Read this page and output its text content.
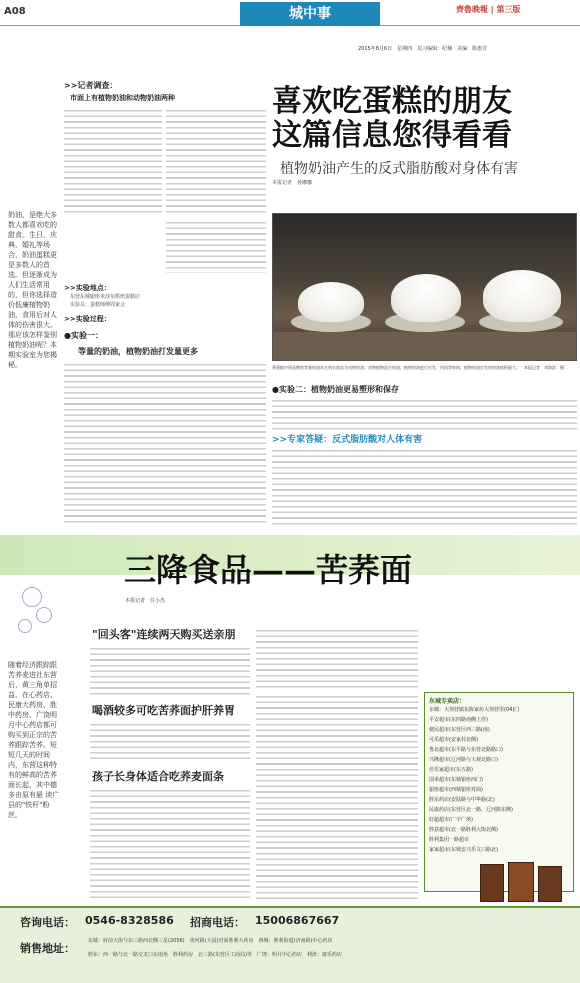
A08	城中事	齊魯晚報 | 第三版
2015年8月6日　星期四　见习编辑：纪楠　美编：陈惠芳
喜欢吃蛋糕的朋友
这篇信息您得看看
植物奶油产生的反式脂肪酸对身体有害
本报记者　孙娜娜
>>记者调查：
市面上有植物奶油和动物奶油两种
奶油，是绝大多数人都喜欢吃的甜食。生日、庆典、婚礼等场合，奶油蛋糕更是多数人的首选。但逐渐成为人们生活常用的，但你选择造价低廉植物奶油，食用后对人体的伤害很大。那应该怎样鉴别植物奶油呢？本期实验室为您揭秘。
>>实验地点：
东营东城银座米莎尔烘焙蛋糕店
实验员：蛋糕师傅周家会
>>实验过程：
●实验一：
等量的奶油，植物奶油打发量更多
将蛋糕中同品牌的等量奶油从左到右依次为动物奶油、动物植物混合奶油、植物奶油进行打发，用同等时间，植物奶油打发的奶油体积最大。　本报记者　刘海滨　摄
●实验二：植物奶油更易塑形和保存
>>专家答疑：反式脂肪酸对人体有害
三降食品——苦荞面
本报记者　任小杰
随着经济跟踪跟苦荞麦进社东营后，黄三角单招益、在心药店、民康大药房、胜中药房、广饶明月中心药店都可购买到正宗的苦荞跟踪苦荞。短短几天的时间内，东营这种特有的鲜高的苦荞面长起，其中德多由原有悬 读广 县的"铁杆"粉丝。
"回头客"连续两天购买送亲朋
喝酒较多可吃苦荞面护肝养胃
孩子长身体适合吃荞麦面条
东城专卖店：
东城：大坝营镇东陈家坊大坝营里(04)门
平安超市(东四路南侧上佳)
便民超市(东营区西三路(南)
可乐超市(安家村北侧)
鲁北超市(东平路与东营北路路口)
兴隆超市(辽河路与大观北路口)
佳乐家超市(东五路)
国米超市(东城银座西门)
银座超市(西城银座对面)
胜东药店(安陆路与中华路(北)
民康药店(东营区北一路、辽河路东侧)
好超超市(广宇广场)
胜意超市(北一路胜利大街北侧)
胜利集团一路超市
家家超市(东城安兴乐文口路北)
咨询电话： 0546-8328586 招商电话： 15006867667
销售地址：
东城：府前大街与东三路西北侧三星(2056)　黄河路(大晨)对面胜利大药房　西城：胜利街道(济南路)中心药店
胜东：西一路与北一路交叉口东南角　胜利药房　北三路(东营区工商局)等　广饶：明月中心药店　利津：康乐药店
